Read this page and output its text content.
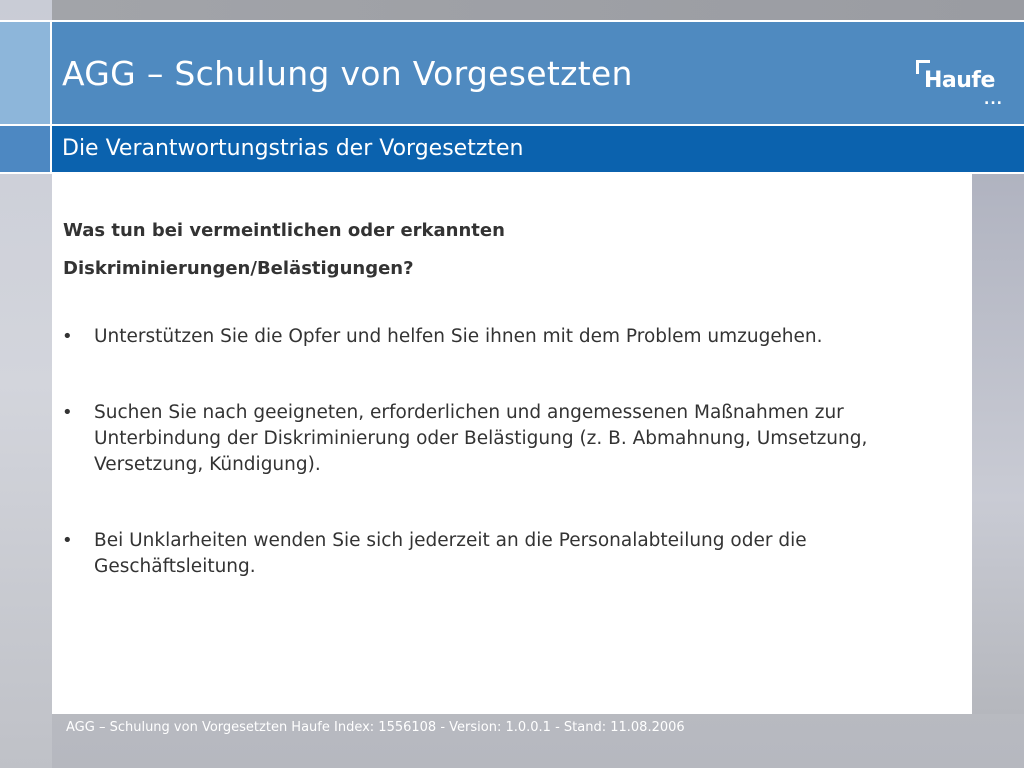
AGG – Schulung von Vorgesetzten	Haufe
...
Die Verantwortungstrias der Vorgesetzten
Was tun bei vermeintlichen oder erkannten
Diskriminierungen/Belästigungen?
• Unterstützen Sie die Opfer und helfen Sie ihnen mit dem Problem umzugehen.
• Suchen Sie nach geeigneten, erforderlichen und angemessenen Maßnahmen zur Unterbindung der Diskriminierung oder Belästigung (z. B. Abmahnung, Umsetzung, Versetzung, Kündigung).
• Bei Unklarheiten wenden Sie sich jederzeit an die Personalabteilung oder die Geschäftsleitung.
AGG – Schulung von Vorgesetzten Haufe Index: 1556108 - Version: 1.0.0.1 - Stand: 11.08.2006
